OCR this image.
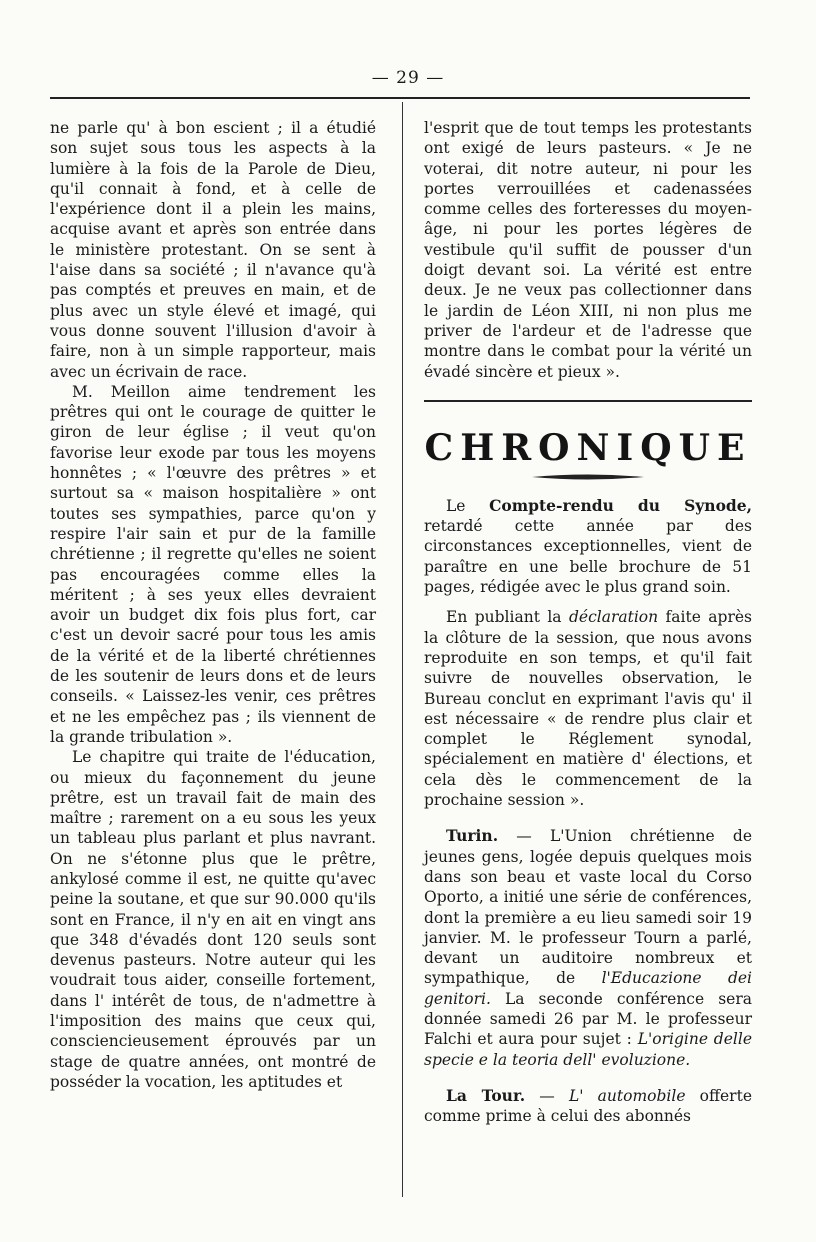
— 29 —

ne parle qu' à bon escient ; il a étudié son sujet sous tous les aspects à la lumière à la fois de la Parole de Dieu, qu'il connait à fond, et à celle de l'expérience dont il a plein les mains, acquise avant et après son entrée dans le ministère protestant. On se sent à l'aise dans sa société ; il n'avance qu'à pas comptés et preuves en main, et de plus avec un style élevé et imagé, qui vous donne souvent l'illusion d'avoir à faire, non à un simple rapporteur, mais avec un écrivain de race.

M. Meillon aime tendrement les prêtres qui ont le courage de quitter le giron de leur église ; il veut qu'on favorise leur exode par tous les moyens honnêtes ; « l'œuvre des prêtres » et surtout sa « maison hospitalière » ont toutes ses sympathies, parce qu'on y respire l'air sain et pur de la famille chrétienne ; il regrette qu'elles ne soient pas encouragées comme elles la méritent ; à ses yeux elles devraient avoir un budget dix fois plus fort, car c'est un devoir sacré pour tous les amis de la vérité et de la liberté chrétiennes de les soutenir de leurs dons et de leurs conseils. « Laissez-les venir, ces prêtres et ne les empêchez pas ; ils viennent de la grande tribulation ».

Le chapitre qui traite de l'éducation, ou mieux du façonnement du jeune prêtre, est un travail fait de main des maître ; rarement on a eu sous les yeux un tableau plus parlant et plus navrant. On ne s'étonne plus que le prêtre, ankylosé comme il est, ne quitte qu'avec peine la soutane, et que sur 90.000 qu'ils sont en France, il n'y en ait en vingt ans que 348 d'évadés dont 120 seuls sont devenus pasteurs. Notre auteur qui les voudrait tous aider, conseille fortement, dans l' intérêt de tous, de n'admettre à l'imposition des mains que ceux qui, consciencieusement éprouvés par un stage de quatre années, ont montré de posséder la vocation, les aptitudes et

l'esprit que de tout temps les protestants ont exigé de leurs pasteurs. « Je ne voterai, dit notre auteur, ni pour les portes verrouillées et cadenassées comme celles des forteresses du moyen-âge, ni pour les portes légères de vestibule qu'il suffit de pousser d'un doigt devant soi. La vérité est entre deux. Je ne veux pas collectionner dans le jardin de Léon XIII, ni non plus me priver de l'ardeur et de l'adresse que montre dans le combat pour la vérité un évadé sincère et pieux ».

CHRONIQUE

Le Compte-rendu du Synode, retardé cette année par des circonstances exceptionnelles, vient de paraître en une belle brochure de 51 pages, rédigée avec le plus grand soin.

En publiant la déclaration faite après la clôture de la session, que nous avons reproduite en son temps, et qu'il fait suivre de nouvelles observation, le Bureau conclut en exprimant l'avis qu' il est nécessaire « de rendre plus clair et complet le Réglement synodal, spécialement en matière d' élections, et cela dès le commencement de la prochaine session ».

Turin. — L'Union chrétienne de jeunes gens, logée depuis quelques mois dans son beau et vaste local du Corso Oporto, a initié une série de conférences, dont la première a eu lieu samedi soir 19 janvier. M. le professeur Tourn a parlé, devant un auditoire nombreux et sympathique, de l'Educazione dei genitori. La seconde conférence sera donnée samedi 26 par M. le professeur Falchi et aura pour sujet : L'origine delle specie e la teoria dell' evoluzione.

La Tour. — L' automobile offerte comme prime à celui des abonnés
